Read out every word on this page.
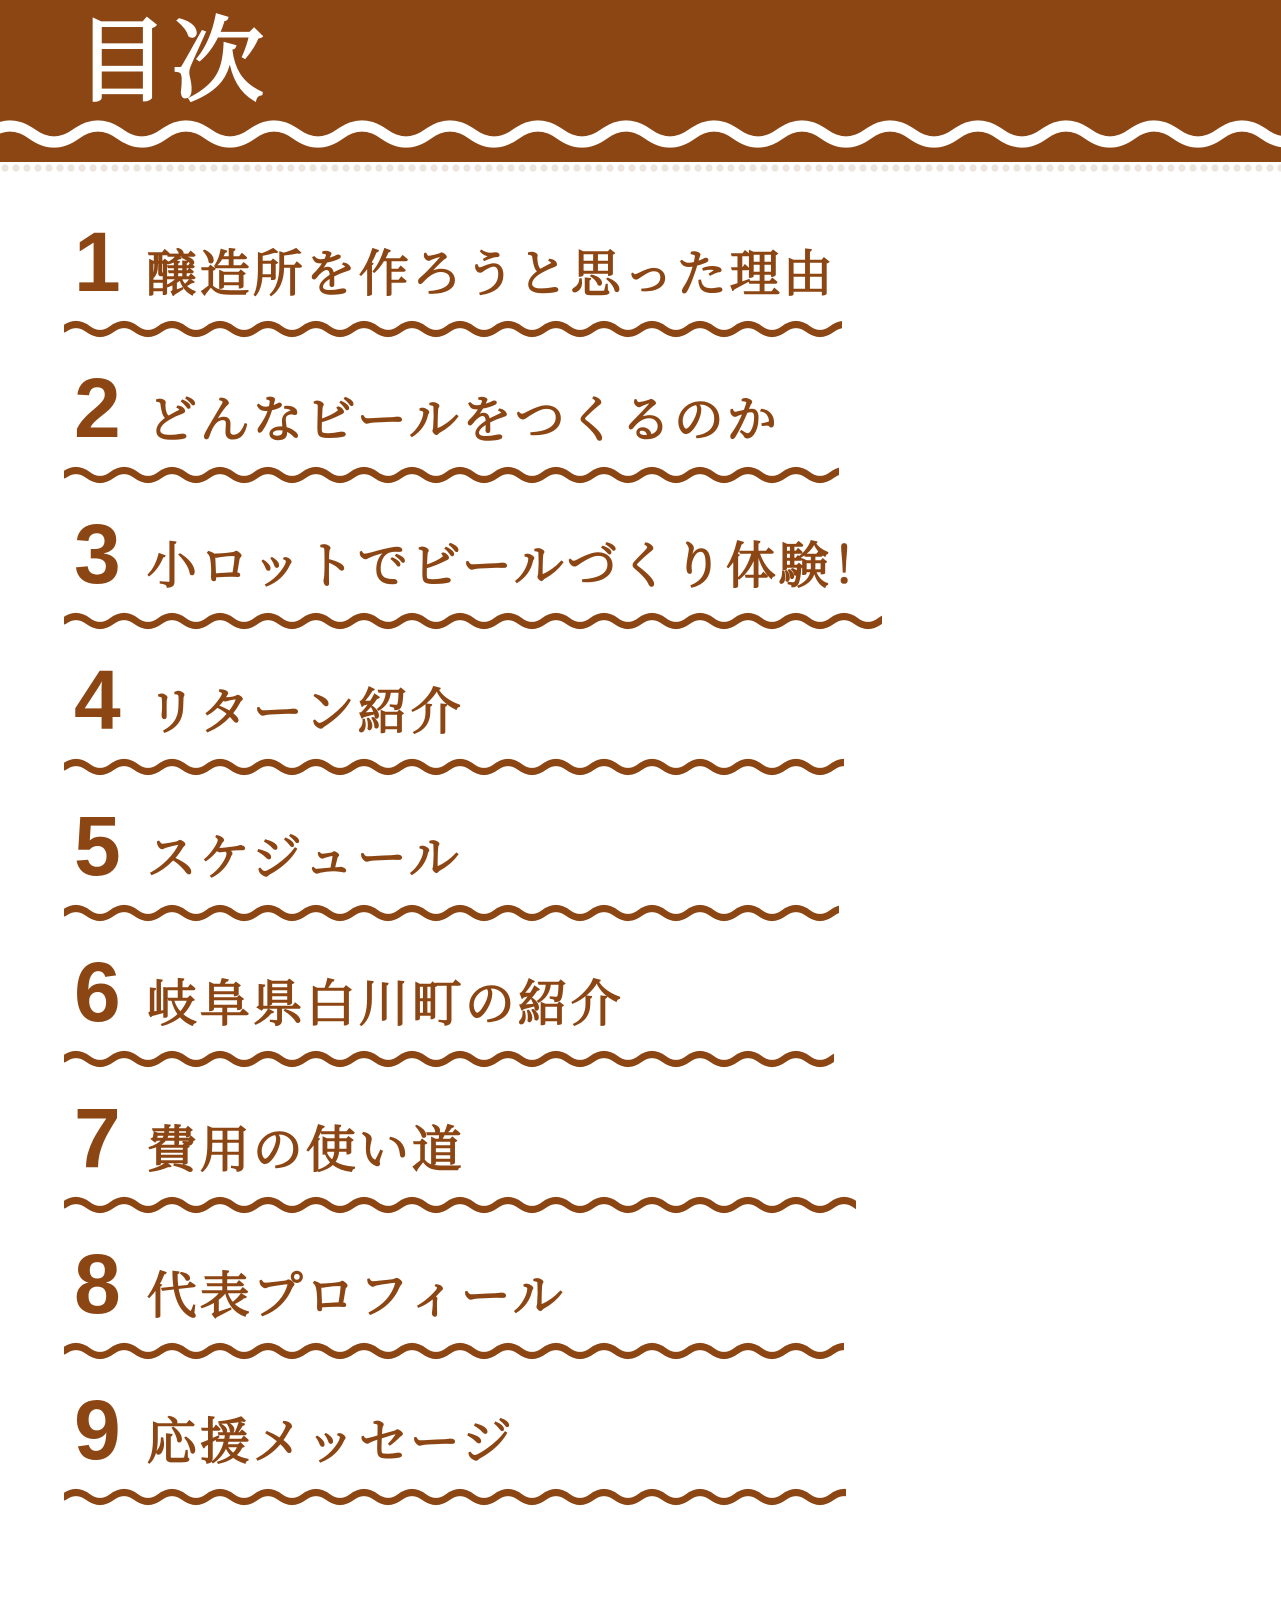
目次
1 醸造所を作ろうと思った理由
2 どんなビールをつくるのか
3 小ロットでビールづくり体験！
4 リターン紹介
5 スケジュール
6 岐阜県白川町の紹介
7 費用の使い道
8 代表プロフィール
9 応援メッセージ
